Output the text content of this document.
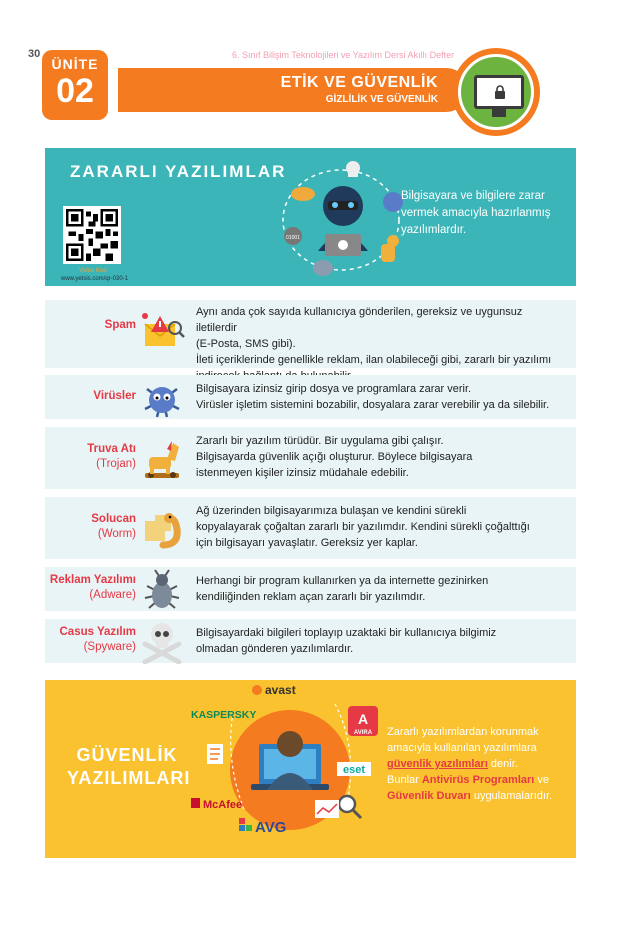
30
ÜNİTE
02
6. Sınıf Bilişim Teknolojileri ve Yazılım Dersi Akıllı Defter
ETİK VE GÜVENLİK
GİZLİLİK VE GÜVENLİK
ZARARLI YAZILIMLAR
Video Kod
www.yetsis.com/qr-030-1
01001
Bilgisayara ve bilgilere zarar vermek amacıyla hazırlanmış yazılımlardır.
Spam
Aynı anda çok sayıda kullanıcıya gönderilen, gereksiz ve uygunsuz iletilerdir
(E-Posta, SMS gibi).
İleti içeriklerinde genellikle reklam, ilan olabileceği gibi, zararlı bir yazılımı
Virüsler
Bilgisayara izinsiz girip dosya ve programlara zarar verir.
Virüsler işletim sistemini bozabilir, dosyalara zarar verebilir ya da silebilir.
Truva Atı
(Trojan)
Zararlı bir yazılım türüdür. Bir uygulama gibi çalışır.
Bilgisayarda güvenlik açığı oluşturur. Böylece bilgisayara
istenmeyen kişiler izinsiz müdahale edebilir.
Solucan
(Worm)
Ağ üzerinden bilgisayarımıza bulaşan ve kendini sürekli
kopyalayarak çoğaltan zararlı bir yazılımdır. Kendini sürekli çoğalttığı
için bilgisayarı yavaşlatır. Gereksiz yer kaplar.
Reklam Yazılımı
(Adware)
Herhangi bir program kullanırken ya da internette gezinirken
kendiliğinden reklam açan zararlı bir yazılımdır.
Casus Yazılım
(Spyware)
Bilgisayardaki bilgileri toplayıp uzaktaki bir kullanıcıya bilgimiz
olmadan gönderen yazılımlardır.
GÜVENLİK
YAZILIMLARI
avast
KASPERSKY	A
AVIRA
eset
McAfee
AVG
Zararlı yazılımlardan korunmak amacıyla kullanılan yazılımlara güvenlik yazılımları denir.
Bunlar Antivirüs Programları ve Güvenlik Duvarı uygulamalarıdır.
